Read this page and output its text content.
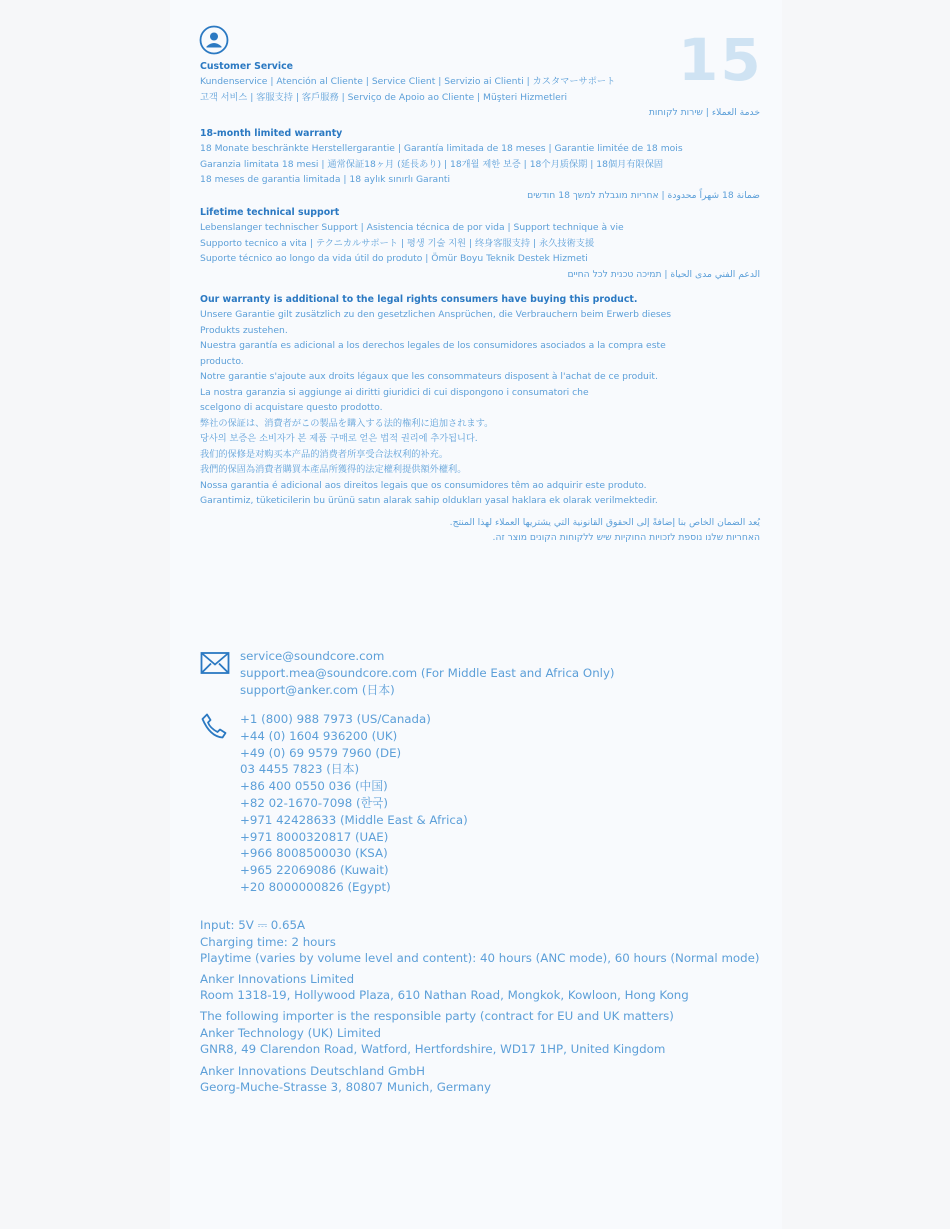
15
Customer Service
Kundenservice | Atención al Cliente | Service Client | Servizio ai Clienti | カスタマーサポート
고객 서비스 | 客服支持 | 客戶服務 | Serviço de Apoio ao Cliente | Müşteri Hizmetleri
خدمة العملاء | שירות לקוחות
18-month limited warranty
18 Monate beschränkte Herstellergarantie | Garantía limitada de 18 meses | Garantie limitée de 18 mois
Garanzia limitata 18 mesi | 通常保証18ヶ月 (延長あり) | 18개월 제한 보증 | 18个月质保期 | 18個月有限保固
18 meses de garantia limitada | 18 aylık sınırlı Garanti
ضمانة 18 شهراً محدودة | אחריות מוגבלת למשך 18 חודשים
Lifetime technical support
Lebenslanger technischer Support | Asistencia técnica de por vida | Support technique à vie
Supporto tecnico a vita | テクニカルサポート | 평생 기술 지원 | 终身客服支持 | 永久技術支援
Suporte técnico ao longo da vida útil do produto | Ömür Boyu Teknik Destek Hizmeti
الدعم الفني مدى الحياة | תמיכה טכנית לכל החיים
Our warranty is additional to the legal rights consumers have buying this product.
Unsere Garantie gilt zusätzlich zu den gesetzlichen Ansprüchen, die Verbrauchern beim Erwerb dieses
Produkts zustehen.
Nuestra garantía es adicional a los derechos legales de los consumidores asociados a la compra este
producto.
Notre garantie s'ajoute aux droits légaux que les consommateurs disposent à l'achat de ce produit.
La nostra garanzia si aggiunge ai diritti giuridici di cui dispongono i consumatori che
scelgono di acquistare questo prodotto.
弊社の保証は、消費者がこの製品を購入する法的権利に追加されます。
당사의 보증은 소비자가 본 제품 구매로 얻은 법적 권리에 추가됩니다.
我们的保修是对购买本产品的消费者所享受合法权利的补充。
我們的保固為消費者購買本產品所獲得的法定權利提供額外權利。
Nossa garantia é adicional aos direitos legais que os consumidores têm ao adquirir este produto.
Garantimiz, tüketicilerin bu ürünü satın alarak sahip oldukları yasal haklara ek olarak verilmektedir.
يُعد الضمان الخاص بنا إضافةً إلى الحقوق القانونية التي يشتريها العملاء لهذا المنتج.
האחריות שלנו נוספת לזכויות החוקיות שיש ללקוחות הקונים מוצר זה.
service@soundcore.com
support.mea@soundcore.com (For Middle East and Africa Only)
support@anker.com (日本)
+1 (800) 988 7973 (US/Canada)
+44 (0) 1604 936200 (UK)
+49 (0) 69 9579 7960 (DE)
03 4455 7823 (日本)
+86 400 0550 036 (中国)
+82 02-1670-7098 (한국)
+971 42428633 (Middle East & Africa)
+971 8000320817 (UAE)
+966 8008500030 (KSA)
+965 22069086 (Kuwait)
+20 8000000826 (Egypt)
Input: 5V ⎓ 0.65A
Charging time: 2 hours
Playtime (varies by volume level and content): 40 hours (ANC mode), 60 hours (Normal mode)
Anker Innovations Limited
Room 1318-19, Hollywood Plaza, 610 Nathan Road, Mongkok, Kowloon, Hong Kong
The following importer is the responsible party (contract for EU and UK matters)
Anker Technology (UK) Limited
GNR8, 49 Clarendon Road, Watford, Hertfordshire, WD17 1HP, United Kingdom
Anker Innovations Deutschland GmbH
Georg-Muche-Strasse 3, 80807 Munich, Germany
